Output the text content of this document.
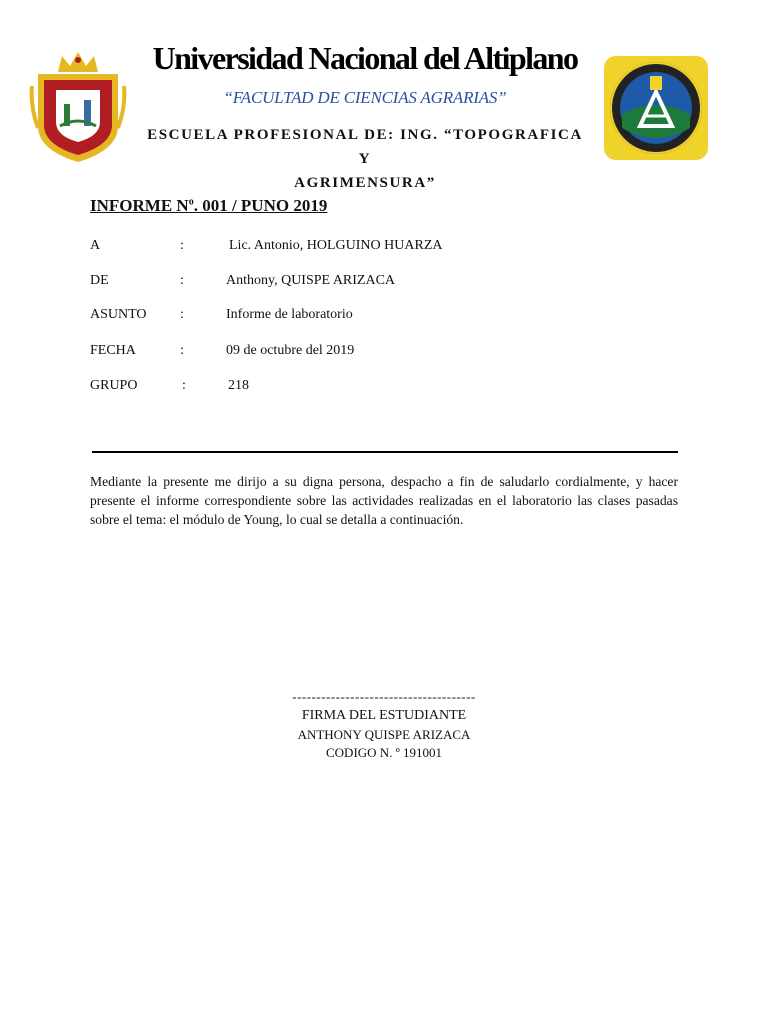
Universidad Nacional del Altiplano
“FACULTAD DE CIENCIAS AGRARIAS”
ESCUELA PROFESIONAL DE: ING. “TOPOGRAFICA Y
AGRIMENSURA”
INFORME $N^o$. 001 / PUNO 2019
A	:	Lic. Antonio, HOLGUINO HUARZA
DE	:	Anthony, QUISPE ARIZACA
ASUNTO :	Informe de laboratorio
FECHA	:	09 de octubre del 2019
GRUPO	:	218
Mediante la presente me dirijo a su digna persona, despacho a fin de saludarlo cordialmente, y hacer presente el informe correspondiente sobre las actividades realizadas en el laboratorio las clases pasadas sobre el tema: el módulo de Young, lo cual se detalla a continuación.
--------------------------------------
FIRMA DEL ESTUDIANTE
ANTHONY QUISPE ARIZACA
CODIGO N. º 191001
